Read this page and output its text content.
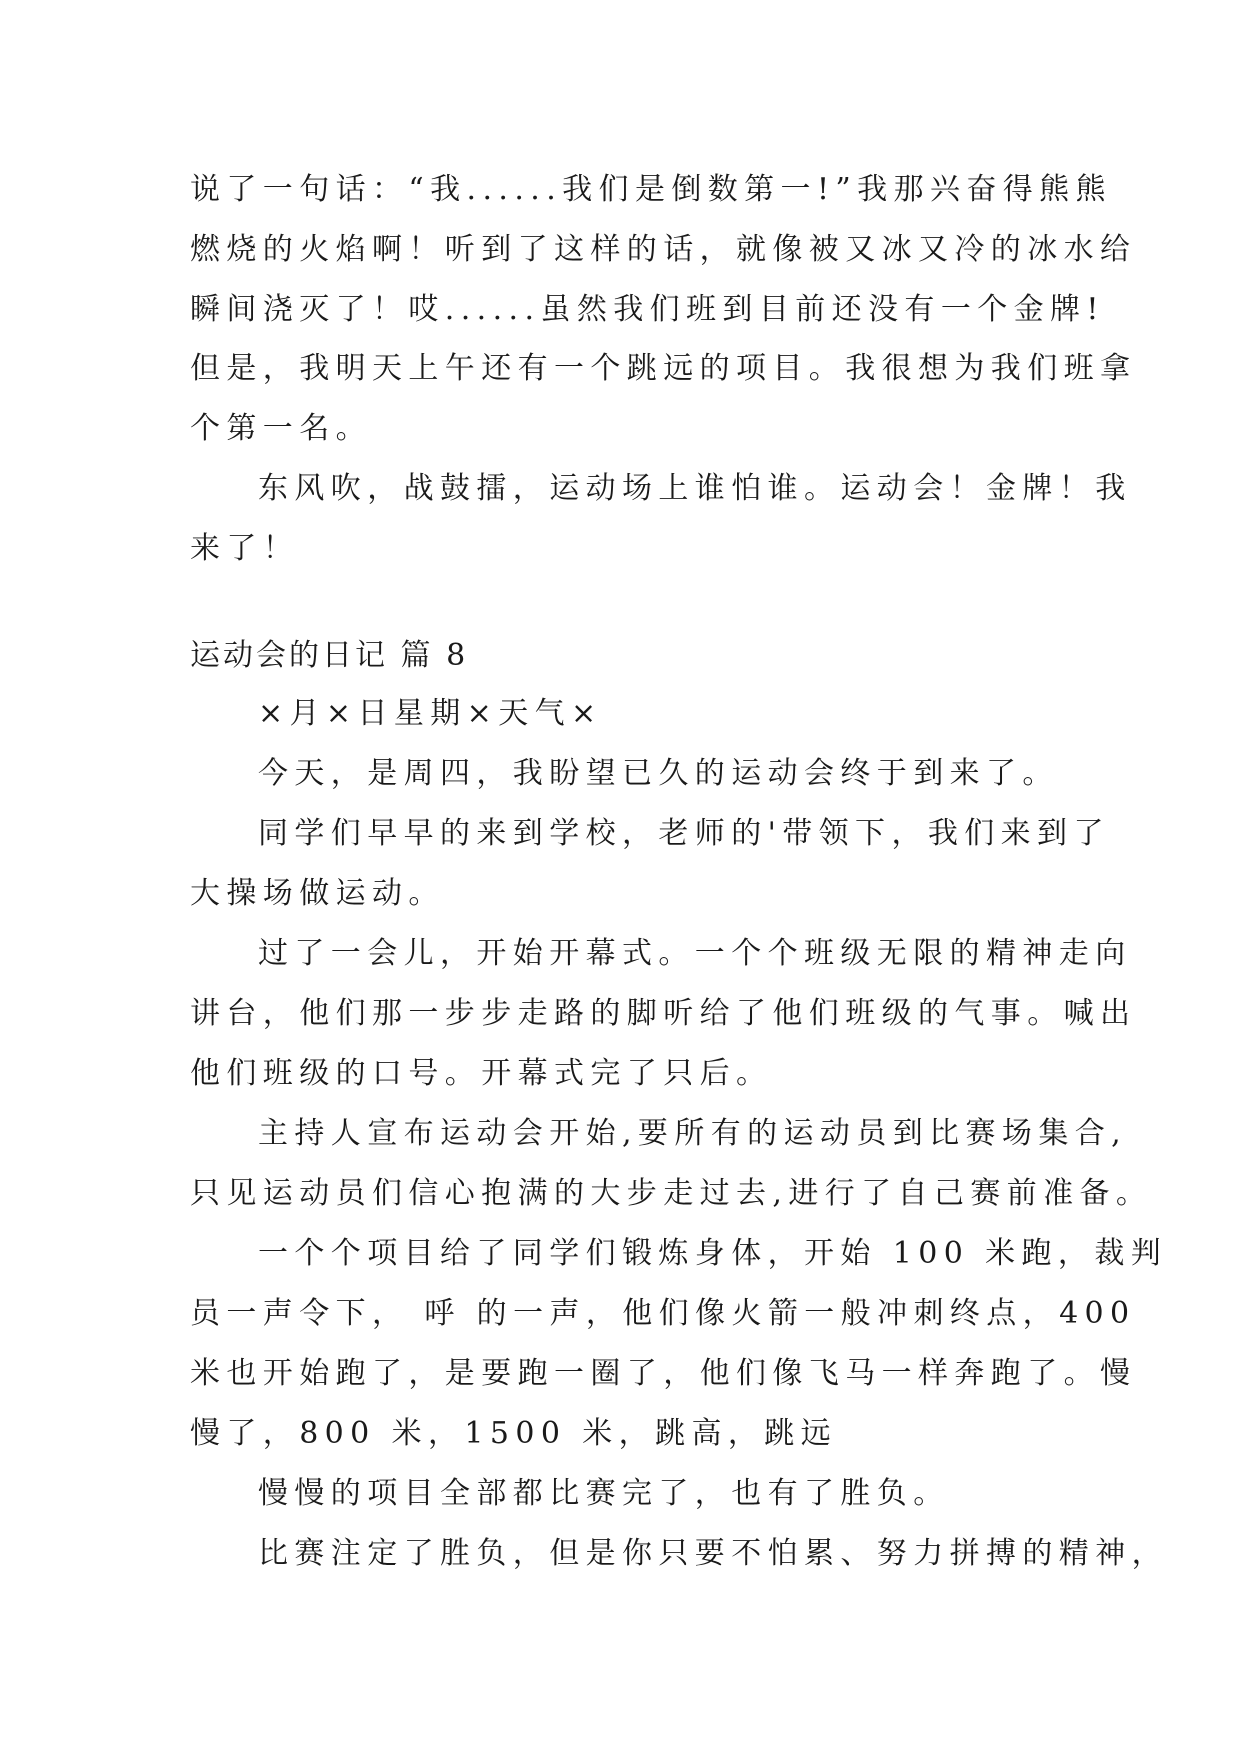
说了一句话：“我......我们是倒数第一!”我那兴奋得熊熊
燃烧的火焰啊！听到了这样的话，就像被又冰又冷的冰水给
瞬间浇灭了！哎......虽然我们班到目前还没有一个金牌!
但是，我明天上午还有一个跳远的项目。我很想为我们班拿
个第一名。
东风吹，战鼓擂，运动场上谁怕谁。运动会！金牌！我
来了！
运动会的日记 篇 8
×月×日星期×天气×
今天，是周四，我盼望已久的运动会终于到来了。
同学们早早的来到学校，老师的'带领下，我们来到了
大操场做运动。
过了一会儿，开始开幕式。一个个班级无限的精神走向
讲台，他们那一步步走路的脚听给了他们班级的气事。喊出
他们班级的口号。开幕式完了只后。
主持人宣布运动会开始,要所有的运动员到比赛场集合,
只见运动员们信心抱满的大步走过去,进行了自己赛前准备。
一个个项目给了同学们锻炼身体，开始 100 米跑，裁判
员一声令下， 呼 的一声，他们像火箭一般冲刺终点，400
米也开始跑了，是要跑一圈了，他们像飞马一样奔跑了。慢
慢了，800 米，1500 米，跳高，跳远
慢慢的项目全部都比赛完了，也有了胜负。
比赛注定了胜负，但是你只要不怕累、努力拼搏的精神，
